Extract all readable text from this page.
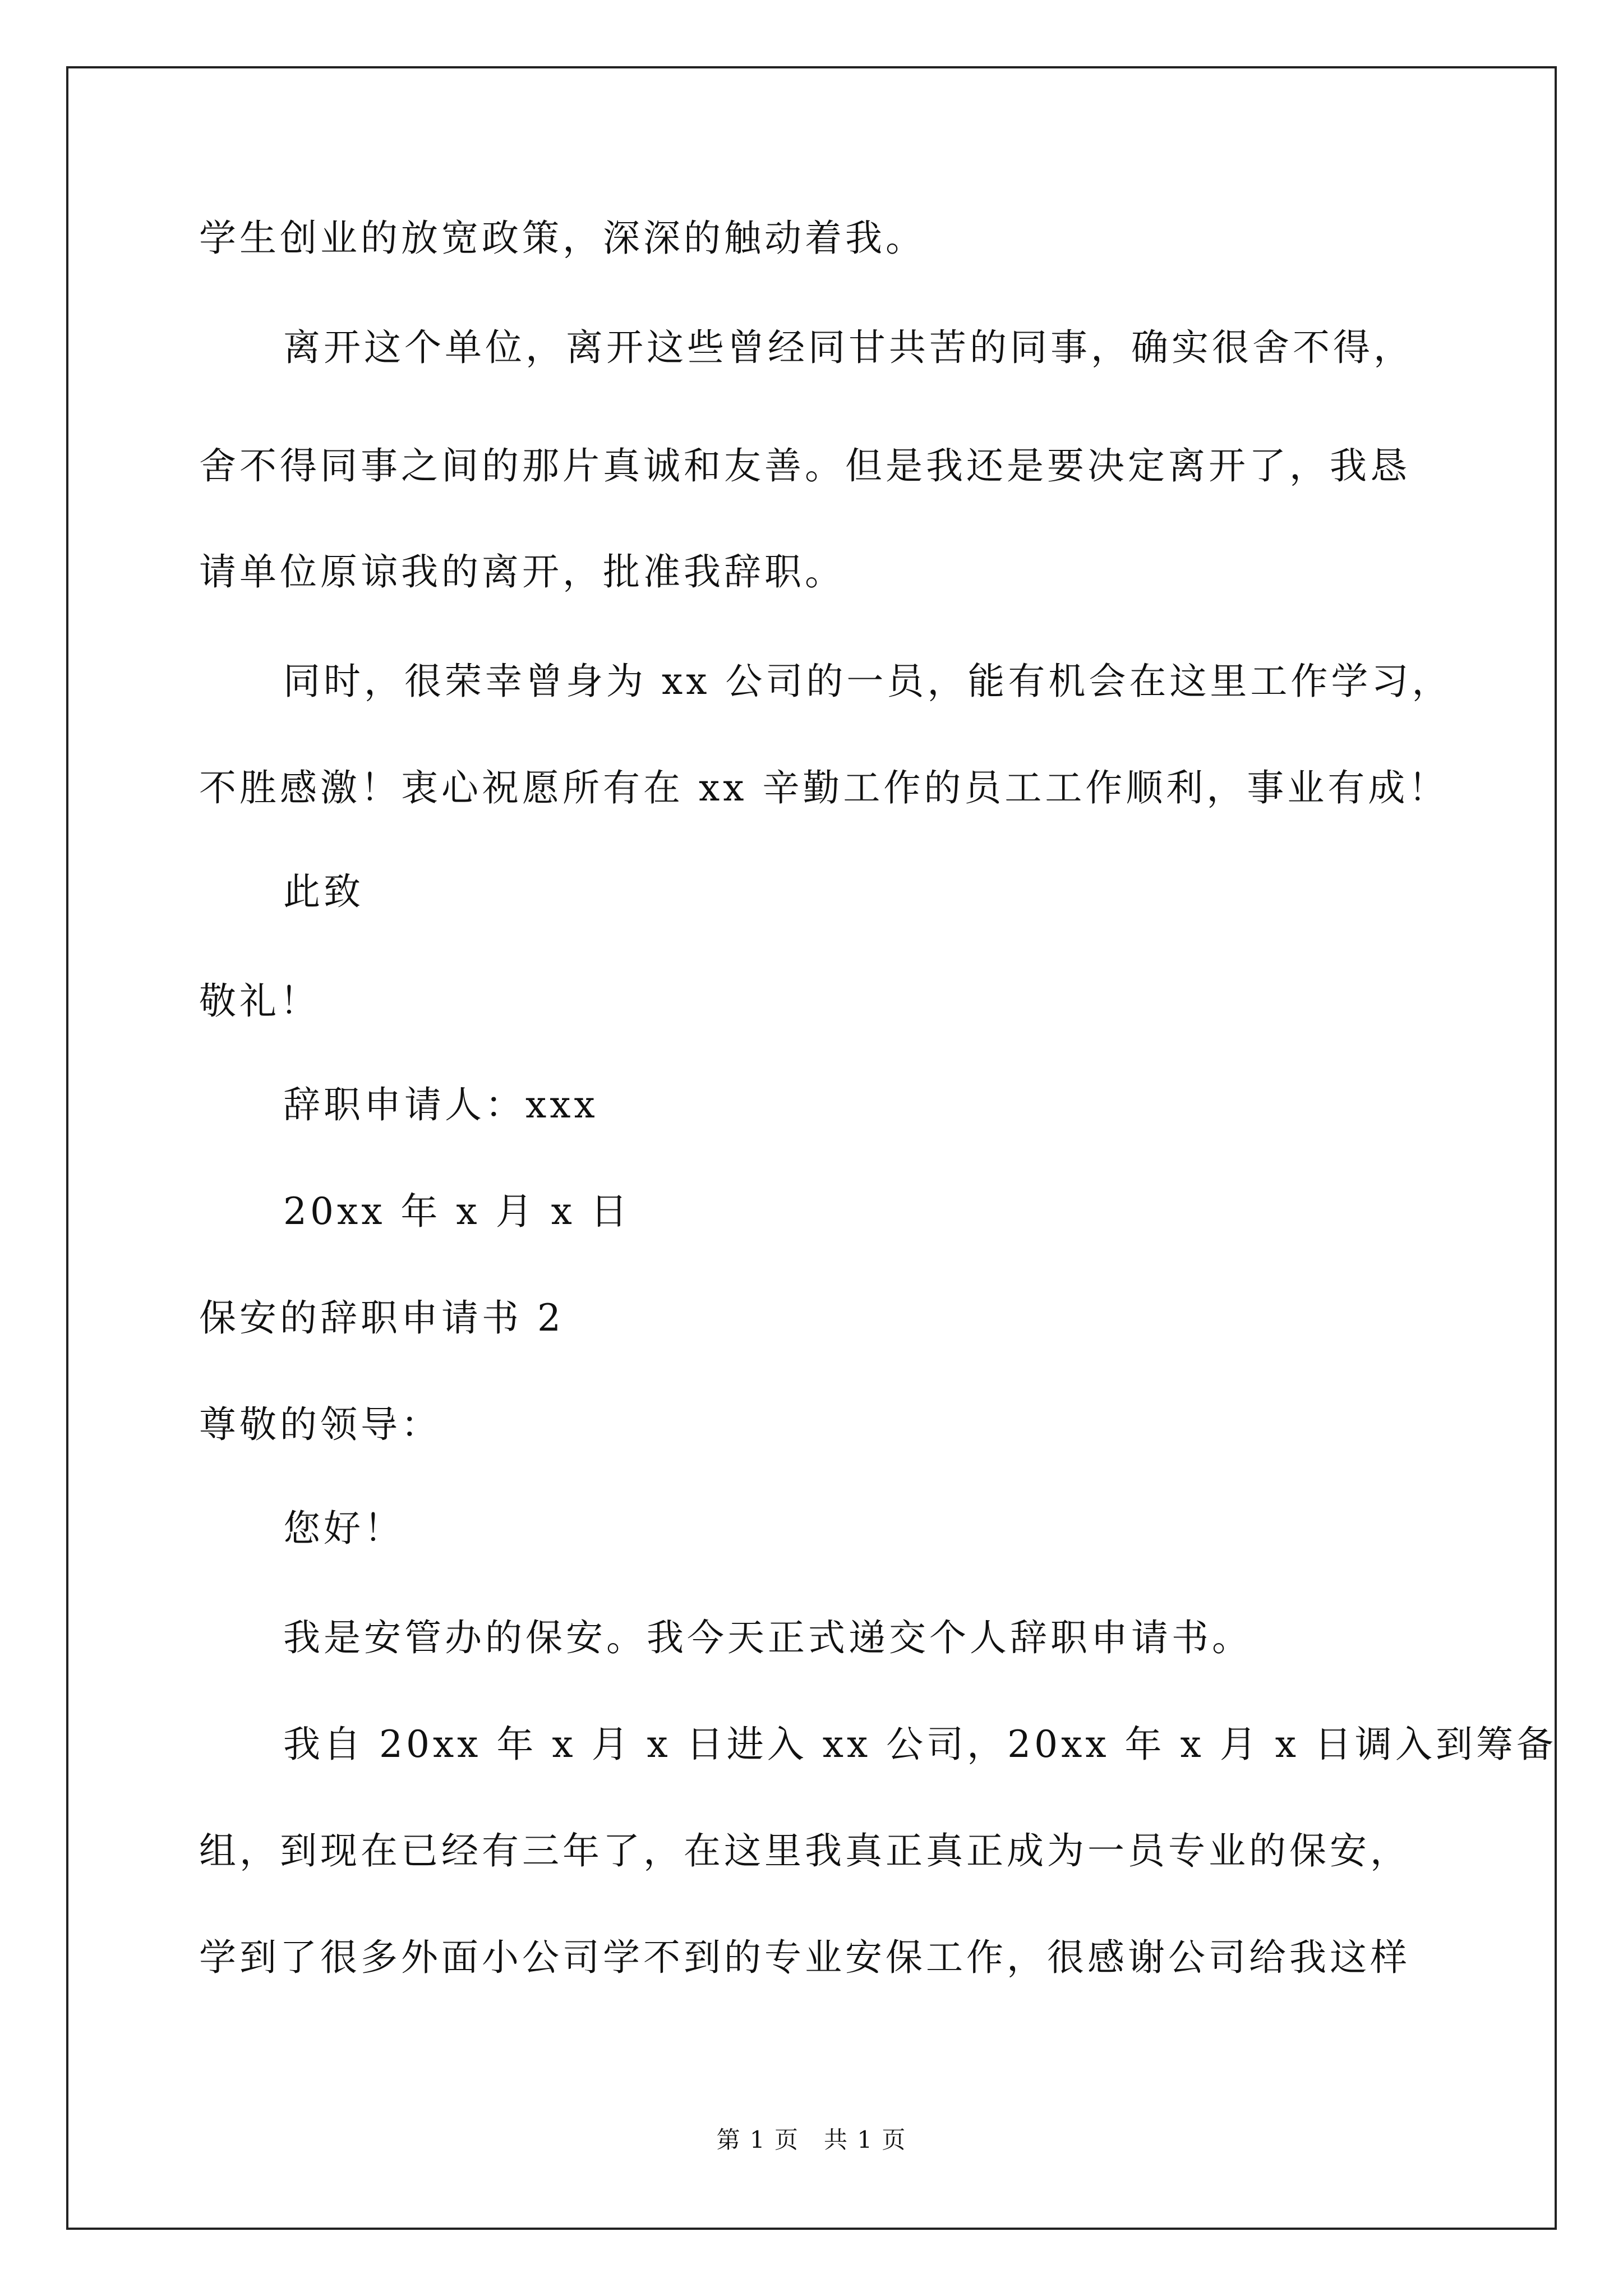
学生创业的放宽政策，深深的触动着我。
离开这个单位，离开这些曾经同甘共苦的同事，确实很舍不得，
舍不得同事之间的那片真诚和友善。但是我还是要决定离开了，我恳
请单位原谅我的离开，批准我辞职。
同时，很荣幸曾身为 xx 公司的一员，能有机会在这里工作学习，
不胜感激！衷心祝愿所有在 xx 辛勤工作的员工工作顺利，事业有成！
此致
敬礼！
辞职申请人：xxx
20xx 年 x 月 x 日
保安的辞职申请书 2
尊敬的领导：
您好！
我是安管办的保安。我今天正式递交个人辞职申请书。
我自 20xx 年 x 月 x 日进入 xx 公司，20xx 年 x 月 x 日调入到筹备
组，到现在已经有三年了，在这里我真正真正成为一员专业的保安，
学到了很多外面小公司学不到的专业安保工作，很感谢公司给我这样
第 1 页　共 1 页
